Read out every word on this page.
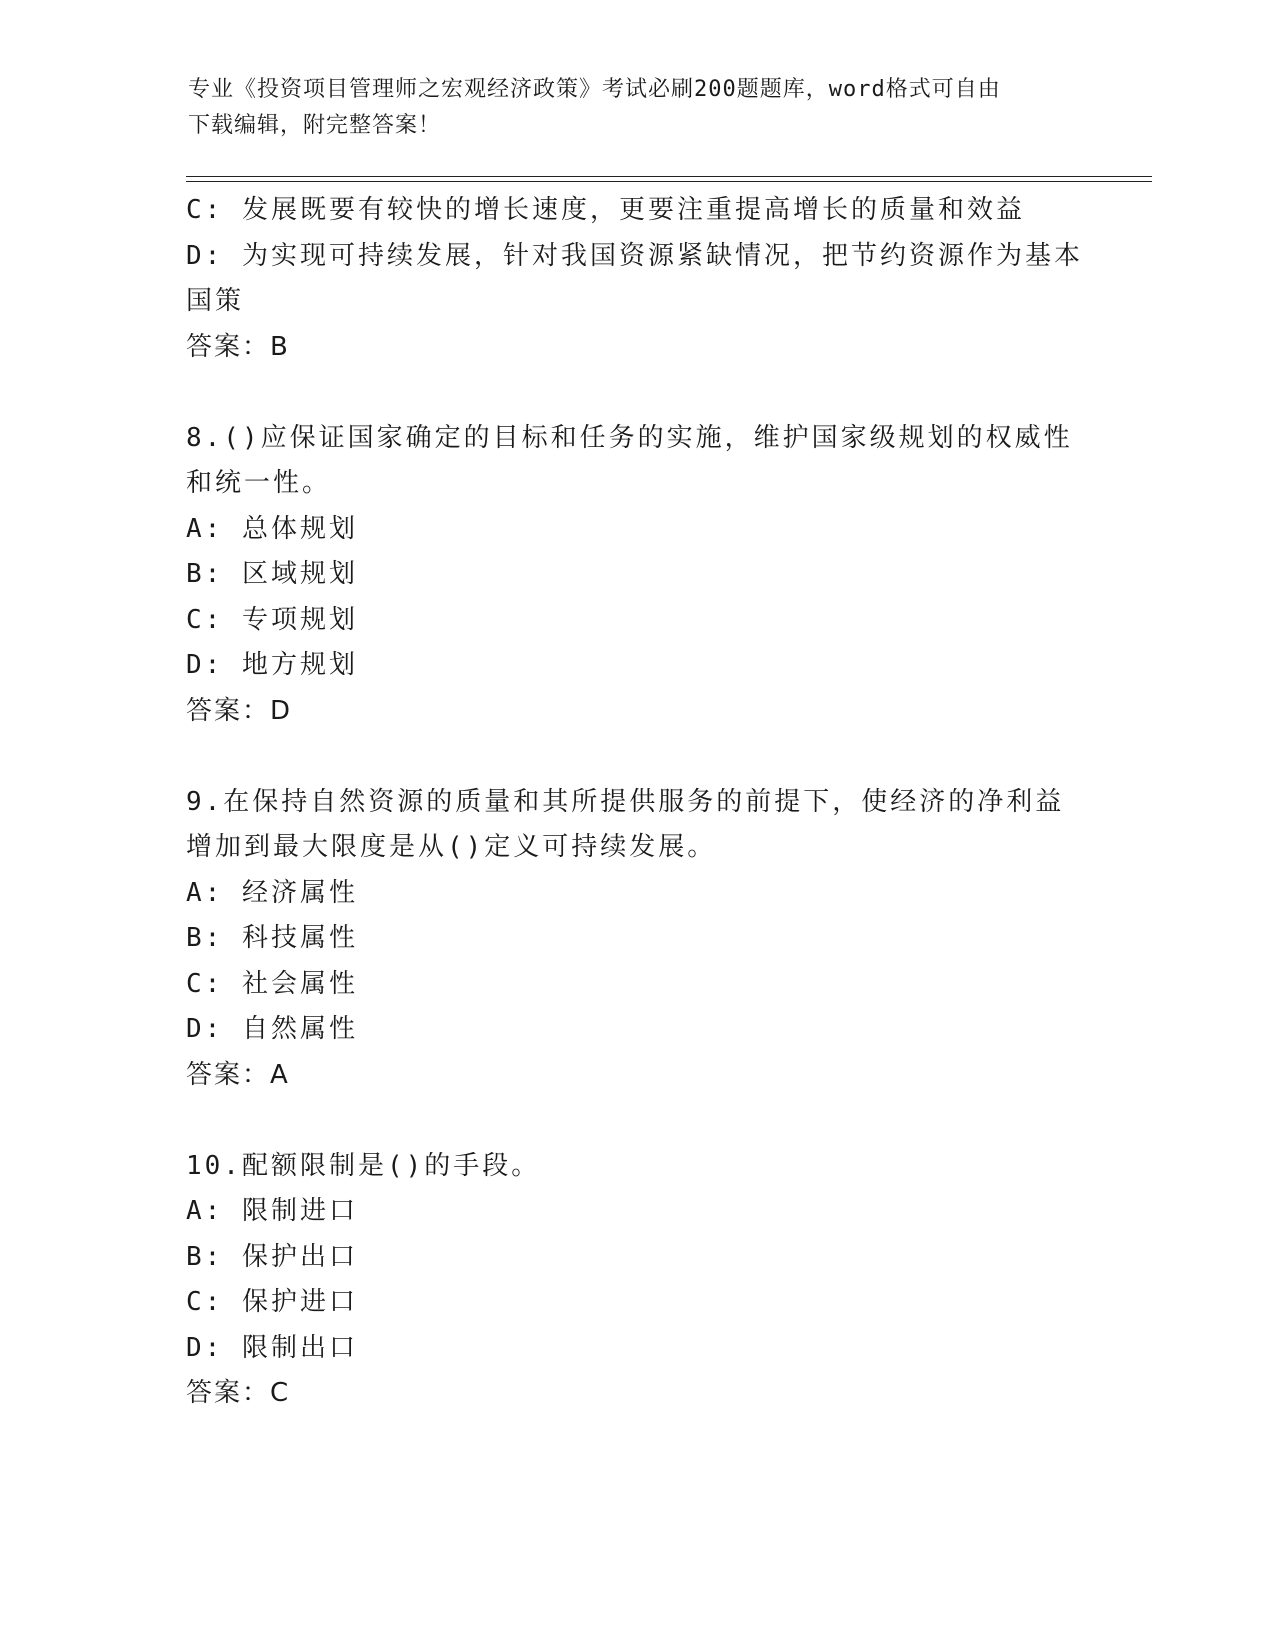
专业《投资项目管理师之宏观经济政策》考试必刷200题题库，word格式可自由
下载编辑，附完整答案！
C: 发展既要有较快的增长速度，更要注重提高增长的质量和效益
D: 为实现可持续发展，针对我国资源紧缺情况，把节约资源作为基本
国策
答案：B
8.()应保证国家确定的目标和任务的实施，维护国家级规划的权威性
和统一性。
A: 总体规划
B: 区域规划
C: 专项规划
D: 地方规划
答案：D
9.在保持自然资源的质量和其所提供服务的前提下，使经济的净利益
增加到最大限度是从()定义可持续发展。
A: 经济属性
B: 科技属性
C: 社会属性
D: 自然属性
答案：A
10.配额限制是()的手段。
A: 限制进口
B: 保护出口
C: 保护进口
D: 限制出口
答案：C
